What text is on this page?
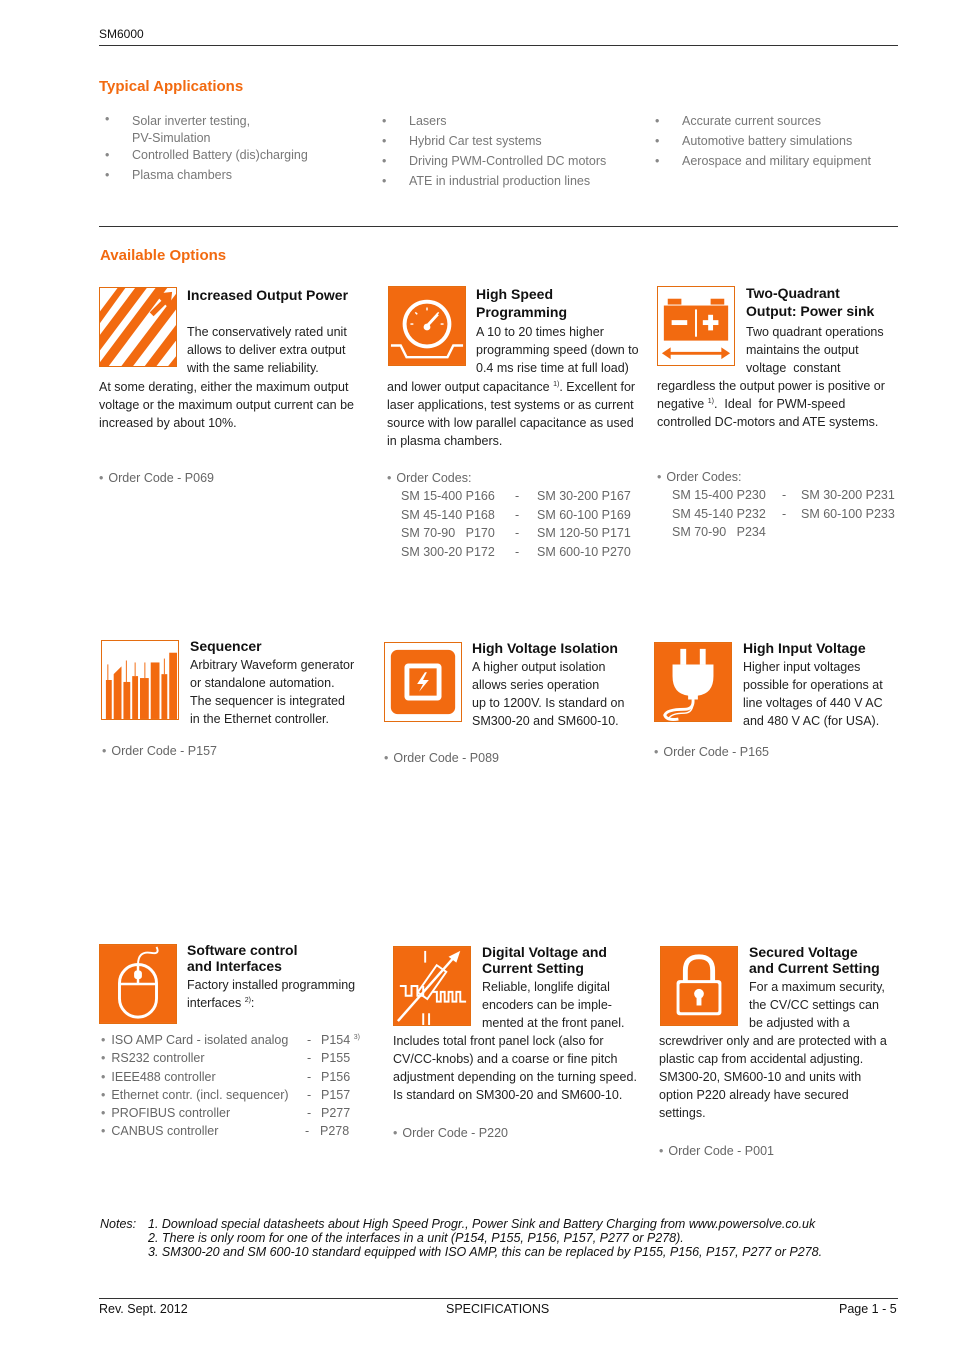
SM6000
Typical Applications
• Solar inverter testing,
PV-Simulation
• Controlled Battery (dis)charging
• Plasma chambers
• Lasers
• Hybrid Car test systems
• Driving PWM-Controlled DC motors
• ATE in industrial production lines
• Accurate current sources
• Automotive battery simulations
• Aerospace and military equipment
Available Options
Increased Output Power
The conservatively rated unit
allows to deliver extra output
with the same reliability.
At some derating, either the maximum output
voltage or the maximum output current can be
increased by about 10%.
• Order Code - P069
High Speed
Programming
A 10 to 20 times higher
programming speed (down to
0.4 ms rise time at full load)
and lower output capacitance $^{1)}$. Excellent for
laser applications, test systems or as current
source with low parallel capacitance as used
in plasma chambers.
• Order Codes:
SM 15-400 P166 - SM 30-200 P167
SM 45-140 P168 - SM 60-100 P169
SM 70-90   P170 - SM 120-50 P171
SM 300-20 P172 - SM 600-10 P270
Two-Quadrant
Output: Power sink
Two quadrant operations
maintains the output
voltage  constant
regardless the output power is positive or
negative $^{1)}$.  Ideal  for PWM-speed
controlled DC-motors and ATE systems.
• Order Codes:
SM 15-400 P230 - SM 30-200 P231
SM 45-140 P232 - SM 60-100 P233
SM 70-90   P234
Sequencer
Arbitrary Waveform generator
or standalone automation.
The sequencer is integrated
in the Ethernet controller.
• Order Code - P157
High Voltage Isolation
A higher output isolation
allows series operation
up to 1200V. Is standard on
SM300-20 and SM600-10.
• Order Code - P089
High Input Voltage
Higher input voltages
possible for operations at
line voltages of 440 V AC
and 480 V AC (for USA).
• Order Code - P165
Software control
and Interfaces
Factory installed programming
interfaces $^{2)}$:
• ISO AMP Card - isolated analog - P154 $^{3)}$
• RS232 controller	- P155
• IEEE488 controller	- P156
• Ethernet contr. (incl. sequencer) - P157
• PROFIBUS controller	- P277
• CANBUS controller	- P278
Digital Voltage and
Current Setting
Reliable, longlife digital
encoders can be imple-
mented at the front panel.
Includes total front panel lock (also for
CV/CC-knobs) and a coarse or fine pitch
adjustment depending on the turning speed.
Is standard on SM300-20 and SM600-10.
• Order Code - P220
Secured Voltage
and Current Setting
For a maximum security,
the CV/CC settings can
be adjusted with a
screwdriver only and are protected with a
plastic cap from accidental adjusting.
SM300-20, SM600-10 and units with
option P220 already have secured
settings.
• Order Code - P001
Notes: 1. Download special datasheets about High Speed Progr., Power Sink and Battery Charging from www.powersolve.co.uk
2. There is only room for one of the interfaces in a unit (P154, P155, P156, P157, P277 or P278).
3. SM300-20 and SM 600-10 standard equipped with ISO AMP, this can be replaced by P155, P156, P157, P277 or P278.
Rev. Sept. 2012	SPECIFICATIONS	Page 1 - 5
